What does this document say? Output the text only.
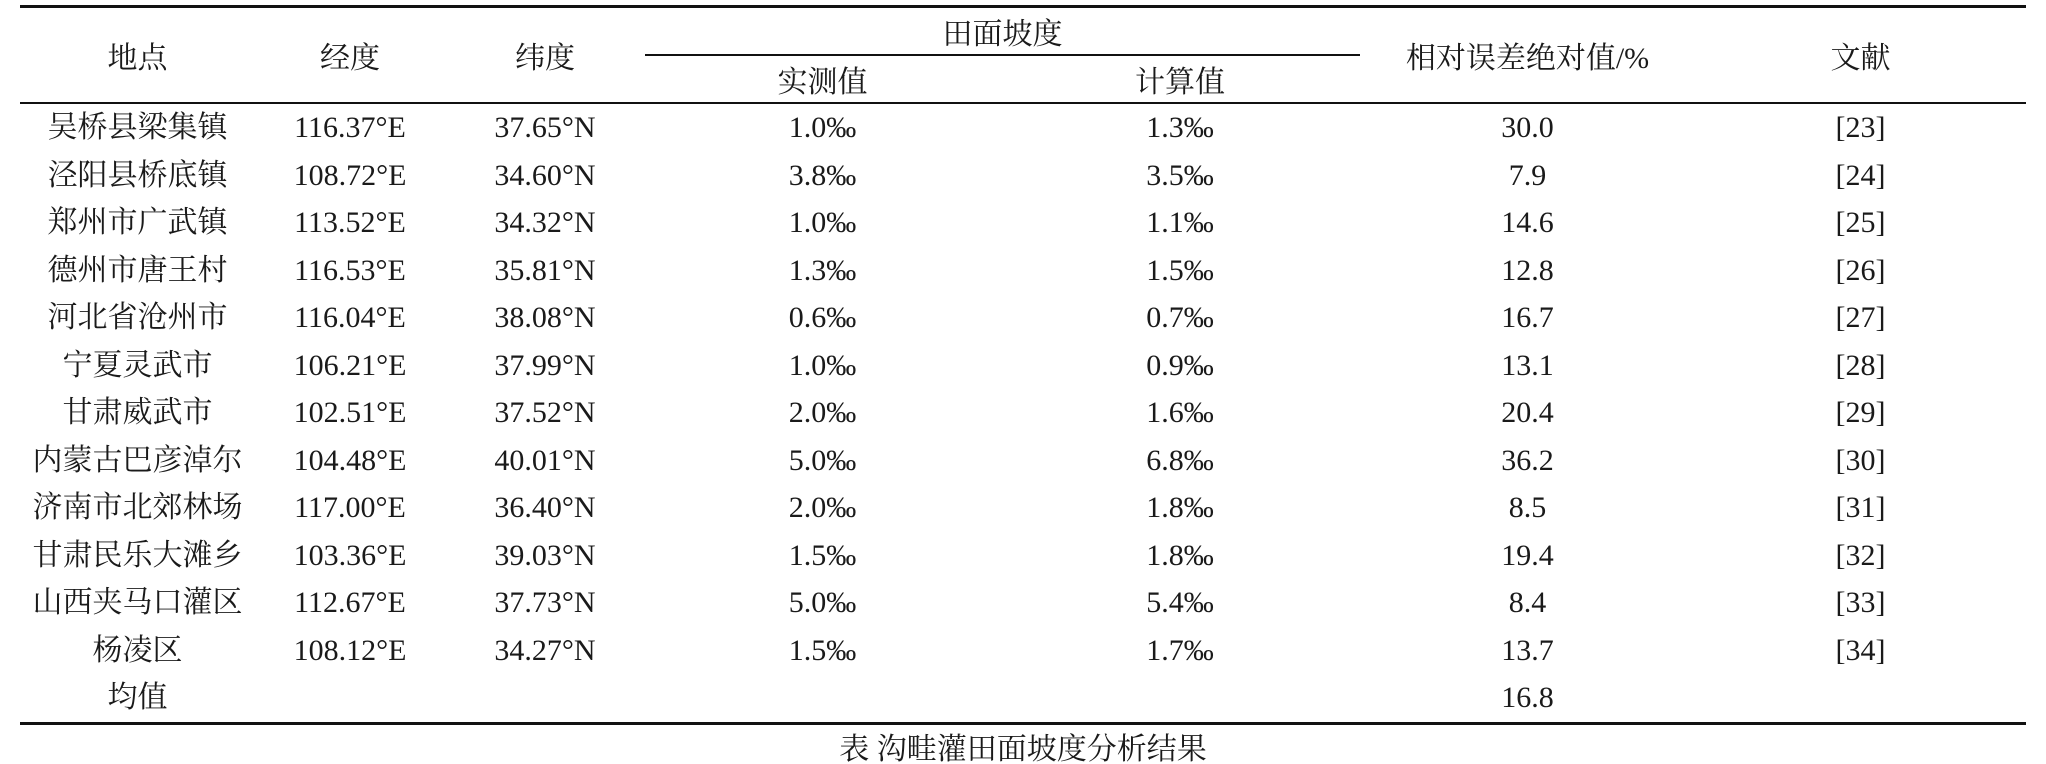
地点	经度	纬度	田面坡度		相对误差绝对值/%	文献
			实测值	计算值		
吴桥县梁集镇	116.37°E	37.65°N	1.0‰	1.3‰	30.0	[23]
泾阳县桥底镇	108.72°E	34.60°N	3.8‰	3.5‰	7.9	[24]
郑州市广武镇	113.52°E	34.32°N	1.0‰	1.1‰	14.6	[25]
德州市唐王村	116.53°E	35.81°N	1.3‰	1.5‰	12.8	[26]
河北省沧州市	116.04°E	38.08°N	0.6‰	0.7‰	16.7	[27]
宁夏灵武市	106.21°E	37.99°N	1.0‰	0.9‰	13.1	[28]
甘肃威武市	102.51°E	37.52°N	2.0‰	1.6‰	20.4	[29]
内蒙古巴彦淖尔	104.48°E	40.01°N	5.0‰	6.8‰	36.2	[30]
济南市北郊林场	117.00°E	36.40°N	2.0‰	1.8‰	8.5	[31]
甘肃民乐大滩乡	103.36°E	39.03°N	1.5‰	1.8‰	19.4	[32]
山西夹马口灌区	112.67°E	37.73°N	5.0‰	5.4‰	8.4	[33]
杨凌区	108.12°E	34.27°N	1.5‰	1.7‰	13.7	[34]
均值					16.8	
表 沟畦灌田面坡度分析结果
